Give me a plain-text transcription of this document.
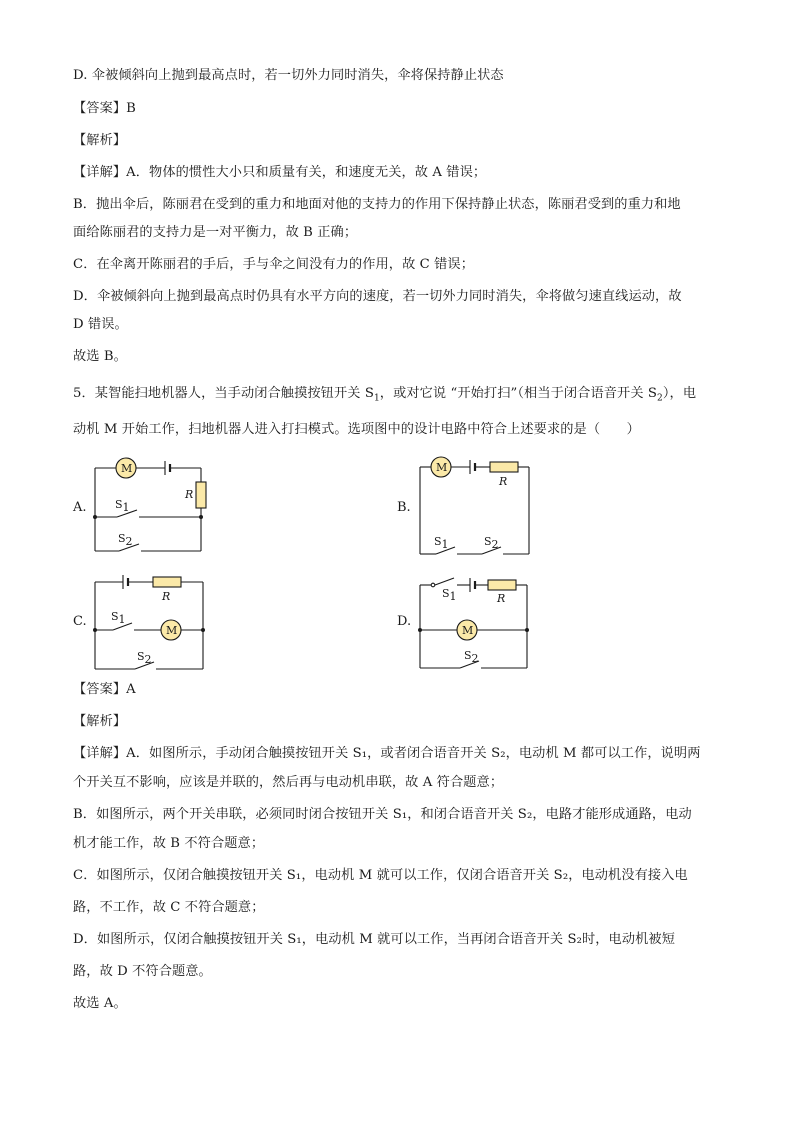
D. 伞被倾斜向上抛到最高点时，若一切外力同时消失，伞将保持静止状态
【答案】B
【解析】
【详解】A．物体的惯性大小只和质量有关，和速度无关，故 A 错误；
B．抛出伞后，陈丽君在受到的重力和地面对他的支持力的作用下保持静止状态，陈丽君受到的重力和地
面给陈丽君的支持力是一对平衡力，故 B 正确；
C．在伞离开陈丽君的手后，手与伞之间没有力的作用，故 C 错误；
D．伞被倾斜向上抛到最高点时仍具有水平方向的速度，若一切外力同时消失，伞将做匀速直线运动，故
D 错误。
故选 B。
5．某智能扫地机器人，当手动闭合触摸按钮开关 $S_1$，或对它说 “开始打扫”（相当于闭合语音开关 $S_2$），电
动机 M 开始工作，扫地机器人进入打扫模式。选项图中的设计电路中符合上述要求的是（　　）
A.	B.
C.	D.
M
R
S1
S2
M
R
S1	S2
R
M
S1
S2
R
S1
M
S2
【答案】A
【解析】
【详解】A．如图所示，手动闭合触摸按钮开关 S₁，或者闭合语音开关 S₂，电动机 M 都可以工作，说明两
个开关互不影响，应该是并联的，然后再与电动机串联，故 A 符合题意；
B．如图所示，两个开关串联，必须同时闭合按钮开关 S₁，和闭合语音开关 S₂，电路才能形成通路，电动
机才能工作，故 B 不符合题意；
C．如图所示，仅闭合触摸按钮开关 S₁，电动机 M 就可以工作，仅闭合语音开关 S₂，电动机没有接入电
路，不工作，故 C 不符合题意；
D．如图所示，仅闭合触摸按钮开关 S₁，电动机 M 就可以工作，当再闭合语音开关 S₂时，电动机被短
路，故 D 不符合题意。
故选 A。
